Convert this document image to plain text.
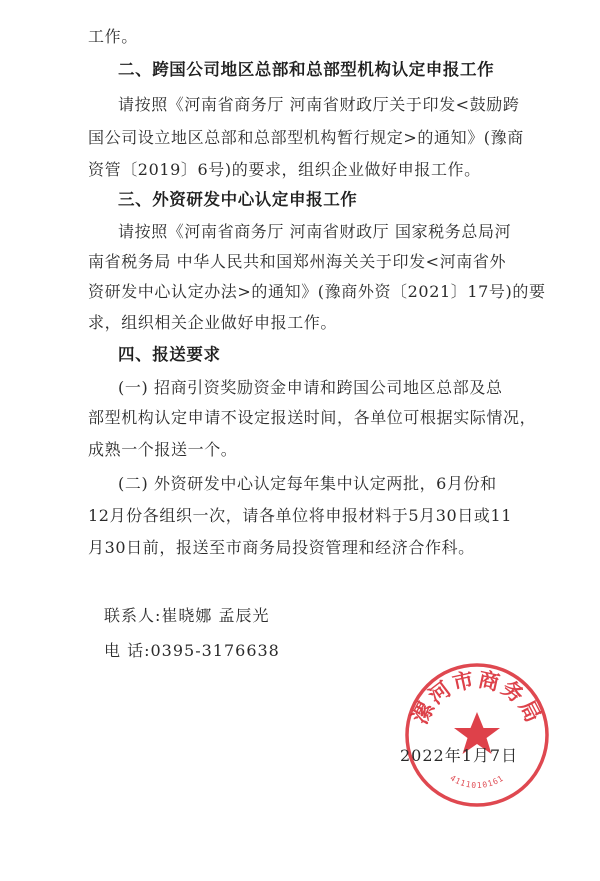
工作。
二、跨国公司地区总部和总部型机构认定申报工作
请按照《河南省商务厅 河南省财政厅关于印发<鼓励跨
国公司设立地区总部和总部型机构暂行规定>的通知》(豫商
资管〔2019〕6号)的要求，组织企业做好申报工作。
三、外资研发中心认定申报工作
请按照《河南省商务厅 河南省财政厅 国家税务总局河
南省税务局 中华人民共和国郑州海关关于印发<河南省外
资研发中心认定办法>的通知》(豫商外资〔2021〕17号)的要
求，组织相关企业做好申报工作。
四、报送要求
(一) 招商引资奖励资金申请和跨国公司地区总部及总
部型机构认定申请不设定报送时间，各单位可根据实际情况，
成熟一个报送一个。
(二) 外资研发中心认定每年集中认定两批，6月份和
12月份各组织一次，请各单位将申报材料于5月30日或11
月30日前，报送至市商务局投资管理和经济合作科。
联系人:崔晓娜 孟辰光
电 话:0395-3176638
漯河市商务局
4111010161
2022年1月7日
